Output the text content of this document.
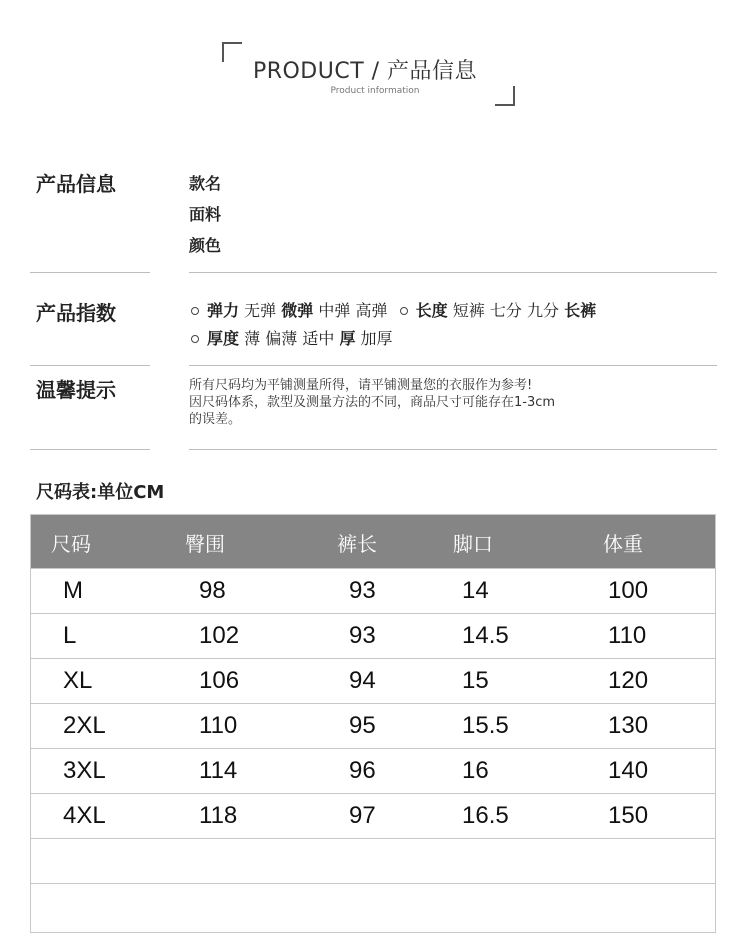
PRODUCT / 产品信息
Product information
产品信息	款名
面料
颜色
产品指数	弹力 无弹 微弹 中弹 高弹 长度 短裤 七分 九分 长裤
厚度 薄 偏薄 适中 厚 加厚
温馨提示	所有尺码均为平铺测量所得，请平铺测量您的衣服作为参考!
因尺码体系，款型及测量方法的不同，商品尺寸可能存在1-3cm
的误差。
尺码表:单位CM
尺码	臀围	裤长	脚口	体重
M	98	93	14	100
L	102	93	14.5	110
XL	106	94	15	120
2XL	110	95	15.5	130
3XL	114	96	16	140
4XL	118	97	16.5	150
